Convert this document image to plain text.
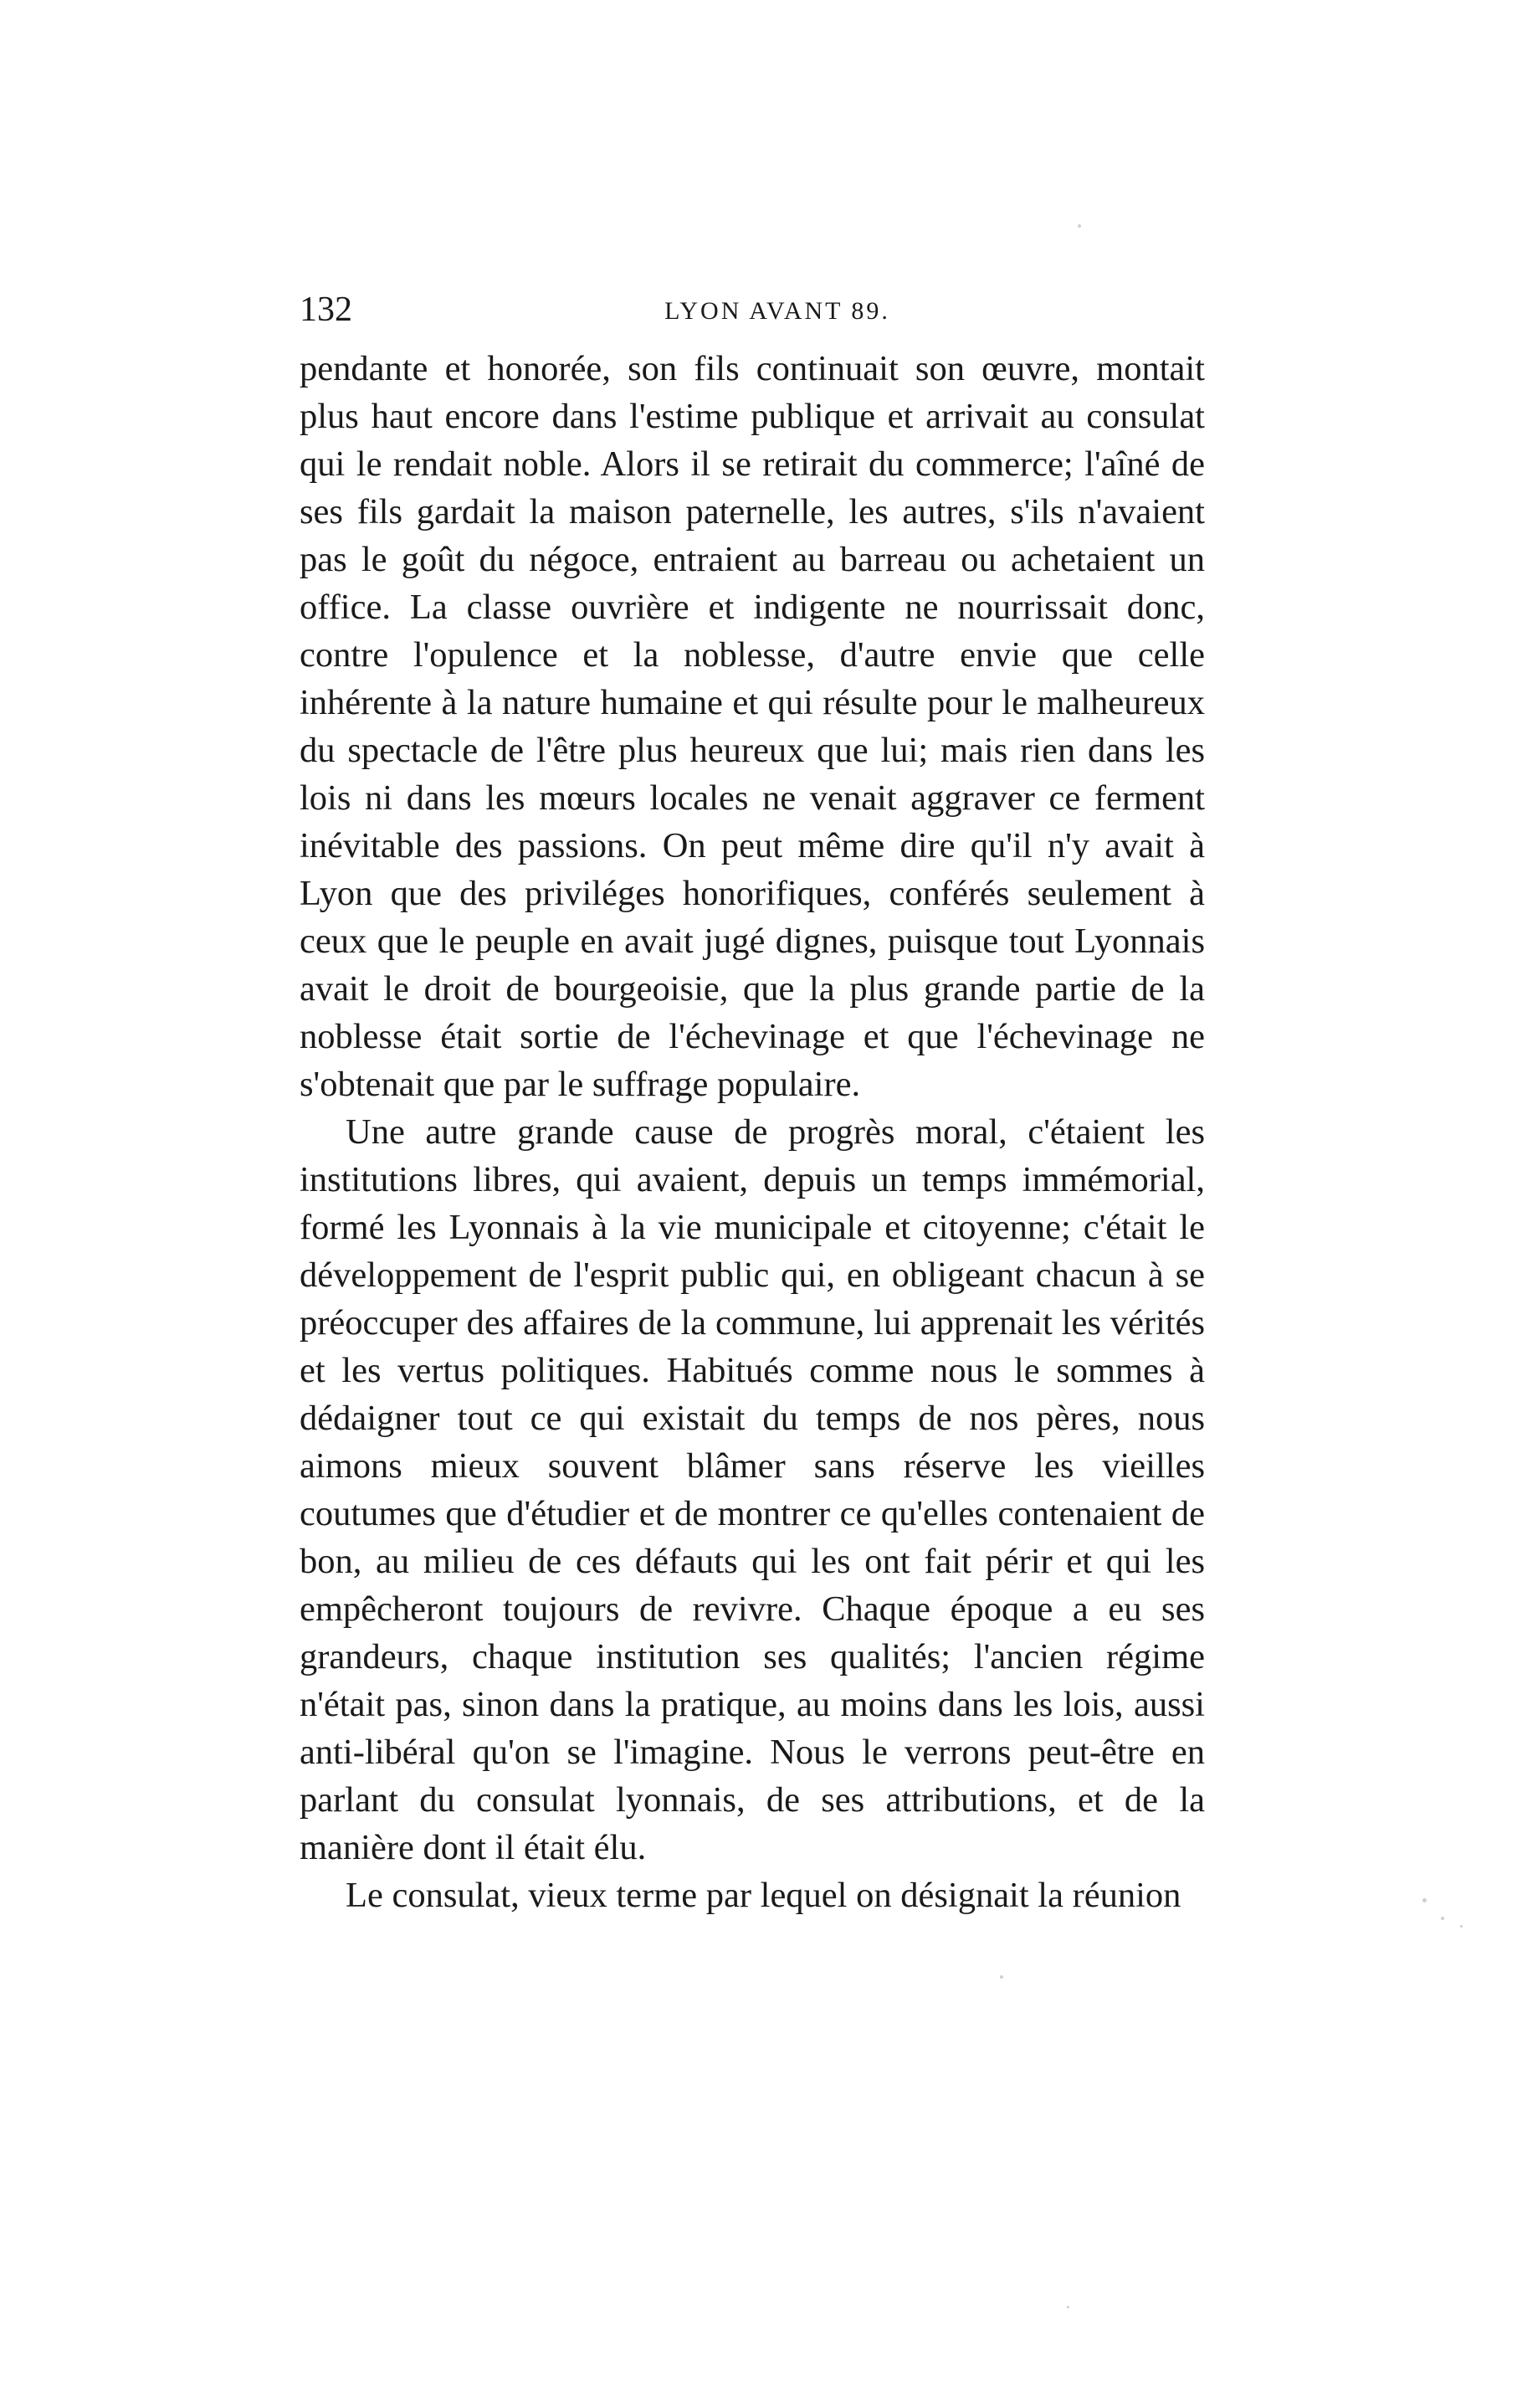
132	LYON AVANT 89.

pendante et honorée, son fils continuait son œuvre, montait plus haut encore dans l'estime publique et arrivait au consulat qui le rendait noble. Alors il se retirait du commerce; l'aîné de ses fils gardait la maison paternelle, les autres, s'ils n'avaient pas le goût du négoce, entraient au barreau ou achetaient un office. La classe ouvrière et indigente ne nourrissait donc, contre l'opulence et la noblesse, d'autre envie que celle inhérente à la nature humaine et qui résulte pour le malheureux du spectacle de l'être plus heureux que lui; mais rien dans les lois ni dans les mœurs locales ne venait aggraver ce ferment inévitable des passions. On peut même dire qu'il n'y avait à Lyon que des priviléges honorifiques, conférés seulement à ceux que le peuple en avait jugé dignes, puisque tout Lyonnais avait le droit de bourgeoisie, que la plus grande partie de la noblesse était sortie de l'échevinage et que l'échevinage ne s'obtenait que par le suffrage populaire.

Une autre grande cause de progrès moral, c'étaient les institutions libres, qui avaient, depuis un temps immémorial, formé les Lyonnais à la vie municipale et citoyenne; c'était le développement de l'esprit public qui, en obligeant chacun à se préoccuper des affaires de la commune, lui apprenait les vérités et les vertus politiques. Habitués comme nous le sommes à dédaigner tout ce qui existait du temps de nos pères, nous aimons mieux souvent blâmer sans réserve les vieilles coutumes que d'étudier et de montrer ce qu'elles contenaient de bon, au milieu de ces défauts qui les ont fait périr et qui les empêcheront toujours de revivre. Chaque époque a eu ses grandeurs, chaque institution ses qualités; l'ancien régime n'était pas, sinon dans la pratique, au moins dans les lois, aussi anti-libéral qu'on se l'imagine. Nous le verrons peut-être en parlant du consulat lyonnais, de ses attributions, et de la manière dont il était élu.

Le consulat, vieux terme par lequel on désignait la réunion
